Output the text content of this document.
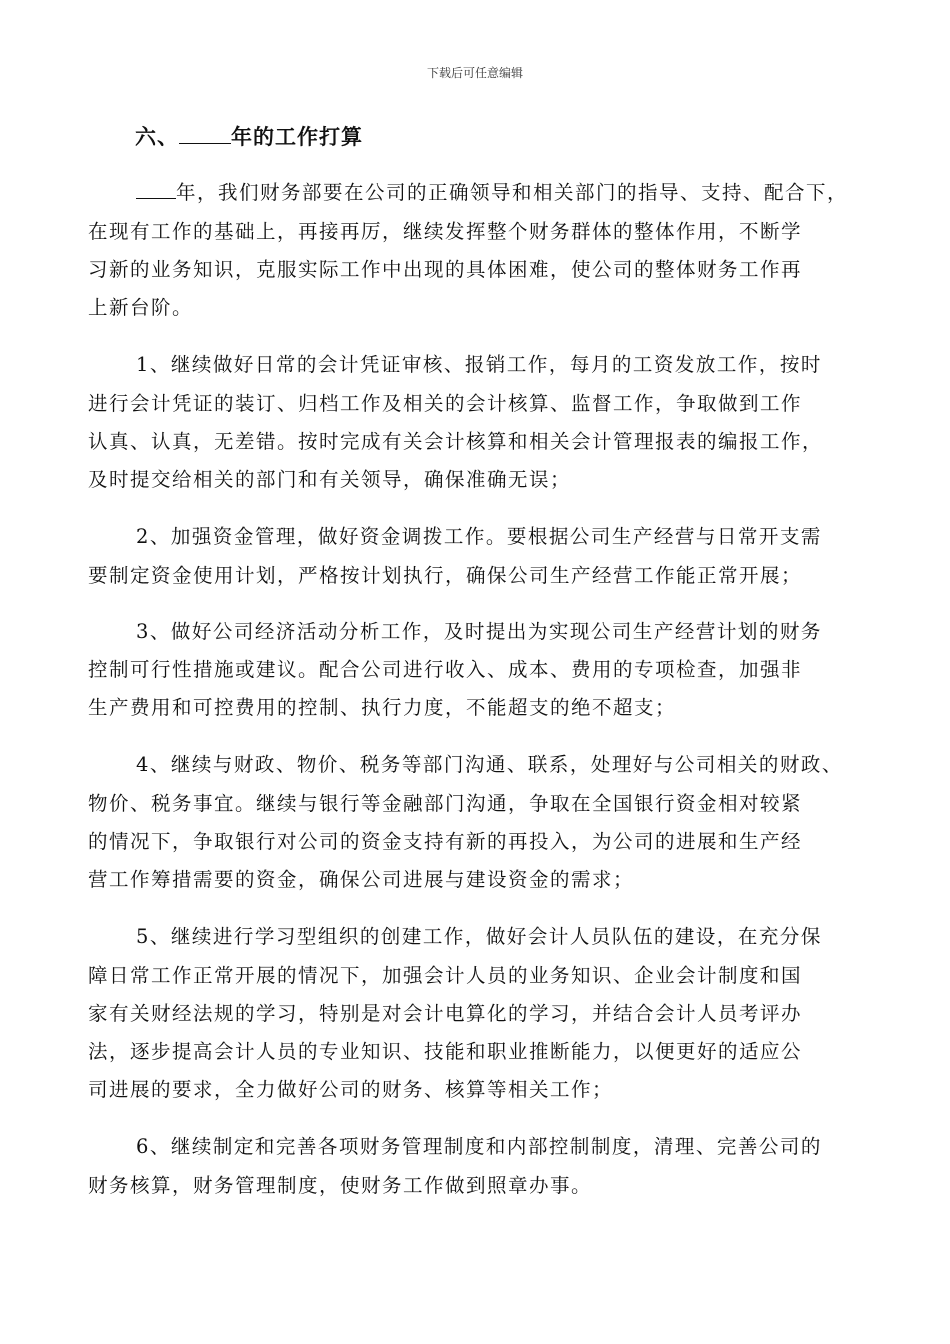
下载后可任意编辑
六、 年的工作打算
年，我们财务部要在公司的正确领导和相关部门的指导、支持、配合下，
在现有工作的基础上，再接再厉，继续发挥整个财务群体的整体作用，不断学
习新的业务知识，克服实际工作中出现的具体困难，使公司的整体财务工作再
上新台阶。
1、继续做好日常的会计凭证审核、报销工作，每月的工资发放工作，按时
进行会计凭证的装订、归档工作及相关的会计核算、监督工作，争取做到工作
认真、认真，无差错。按时完成有关会计核算和相关会计管理报表的编报工作，
及时提交给相关的部门和有关领导，确保准确无误；
2、加强资金管理，做好资金调拨工作。要根据公司生产经营与日常开支需
要制定资金使用计划，严格按计划执行，确保公司生产经营工作能正常开展；
3、做好公司经济活动分析工作，及时提出为实现公司生产经营计划的财务
控制可行性措施或建议。配合公司进行收入、成本、费用的专项检查，加强非
生产费用和可控费用的控制、执行力度，不能超支的绝不超支；
4、继续与财政、物价、税务等部门沟通、联系，处理好与公司相关的财政、
物价、税务事宜。继续与银行等金融部门沟通，争取在全国银行资金相对较紧
的情况下，争取银行对公司的资金支持有新的再投入，为公司的进展和生产经
营工作筹措需要的资金，确保公司进展与建设资金的需求；
5、继续进行学习型组织的创建工作，做好会计人员队伍的建设，在充分保
障日常工作正常开展的情况下，加强会计人员的业务知识、企业会计制度和国
家有关财经法规的学习，特别是对会计电算化的学习，并结合会计人员考评办
法，逐步提高会计人员的专业知识、技能和职业推断能力，以便更好的适应公
司进展的要求，全力做好公司的财务、核算等相关工作；
6、继续制定和完善各项财务管理制度和内部控制制度，清理、完善公司的
财务核算，财务管理制度，使财务工作做到照章办事。
